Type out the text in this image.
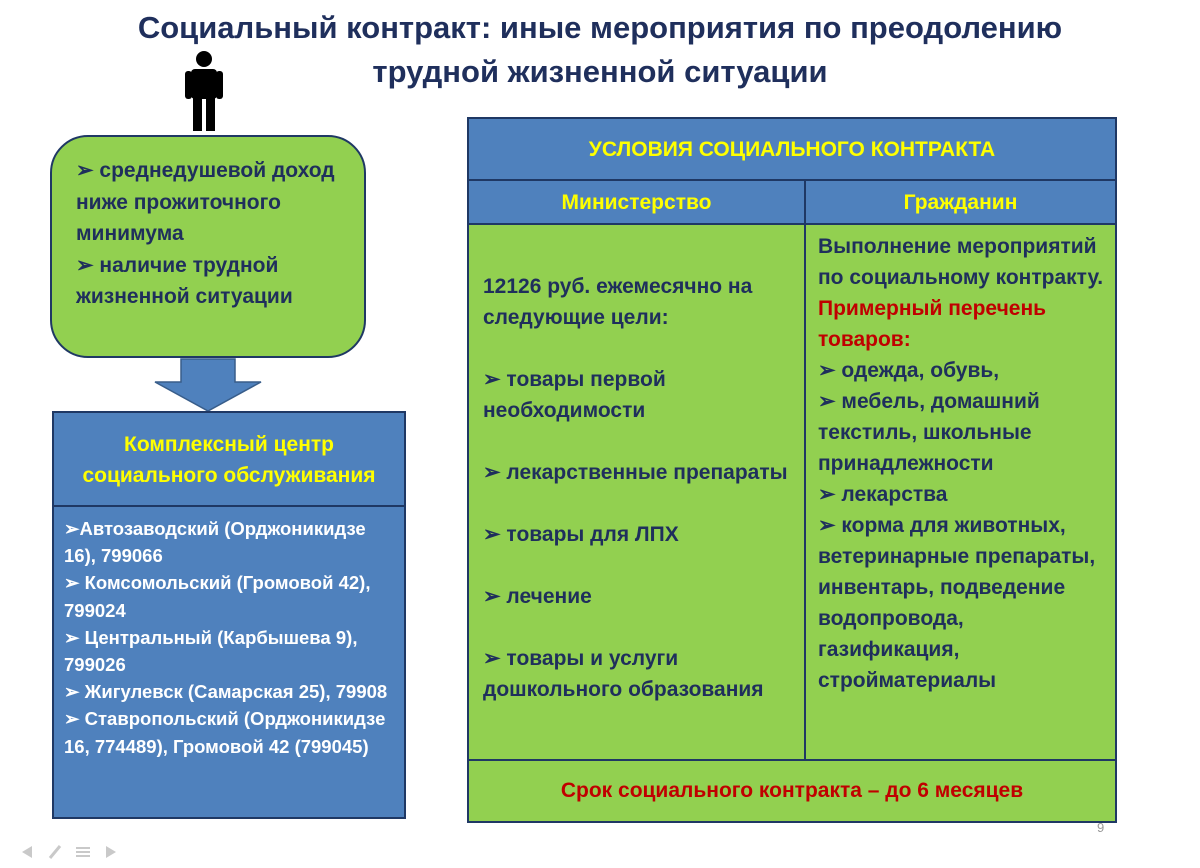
Социальный контракт: иные мероприятия по преодолению
трудной жизненной ситуации
➢ среднедушевой доход ниже прожиточного минимума
➢ наличие трудной жизненной ситуации
Комплексный центр социального обслуживания
➢Автозаводский (Орджоникидзе 16), 799066
➢ Комсомольский (Громовой 42), 799024
➢ Центральный (Карбышева 9), 799026
➢ Жигулевск (Самарская 25), 79908
➢ Ставропольский (Орджоникидзе 16, 774489), Громовой 42 (799045)
УСЛОВИЯ СОЦИАЛЬНОГО КОНТРАКТА
Министерство	Гражданин
12126 руб. ежемесячно на следующие цели:
➢ товары первой необходимости
➢ лекарственные препараты
➢ товары для ЛПХ
➢ лечение
➢ товары и услуги дошкольного образования
Выполнение мероприятий по социальному контракту.
Примерный перечень товаров:
➢ одежда, обувь,
➢ мебель, домашний текстиль, школьные принадлежности
➢ лекарства
➢ корма для животных, ветеринарные препараты, инвентарь, подведение водопровода, газификация, стройматериалы
Срок социального контракта – до 6 месяцев
9
